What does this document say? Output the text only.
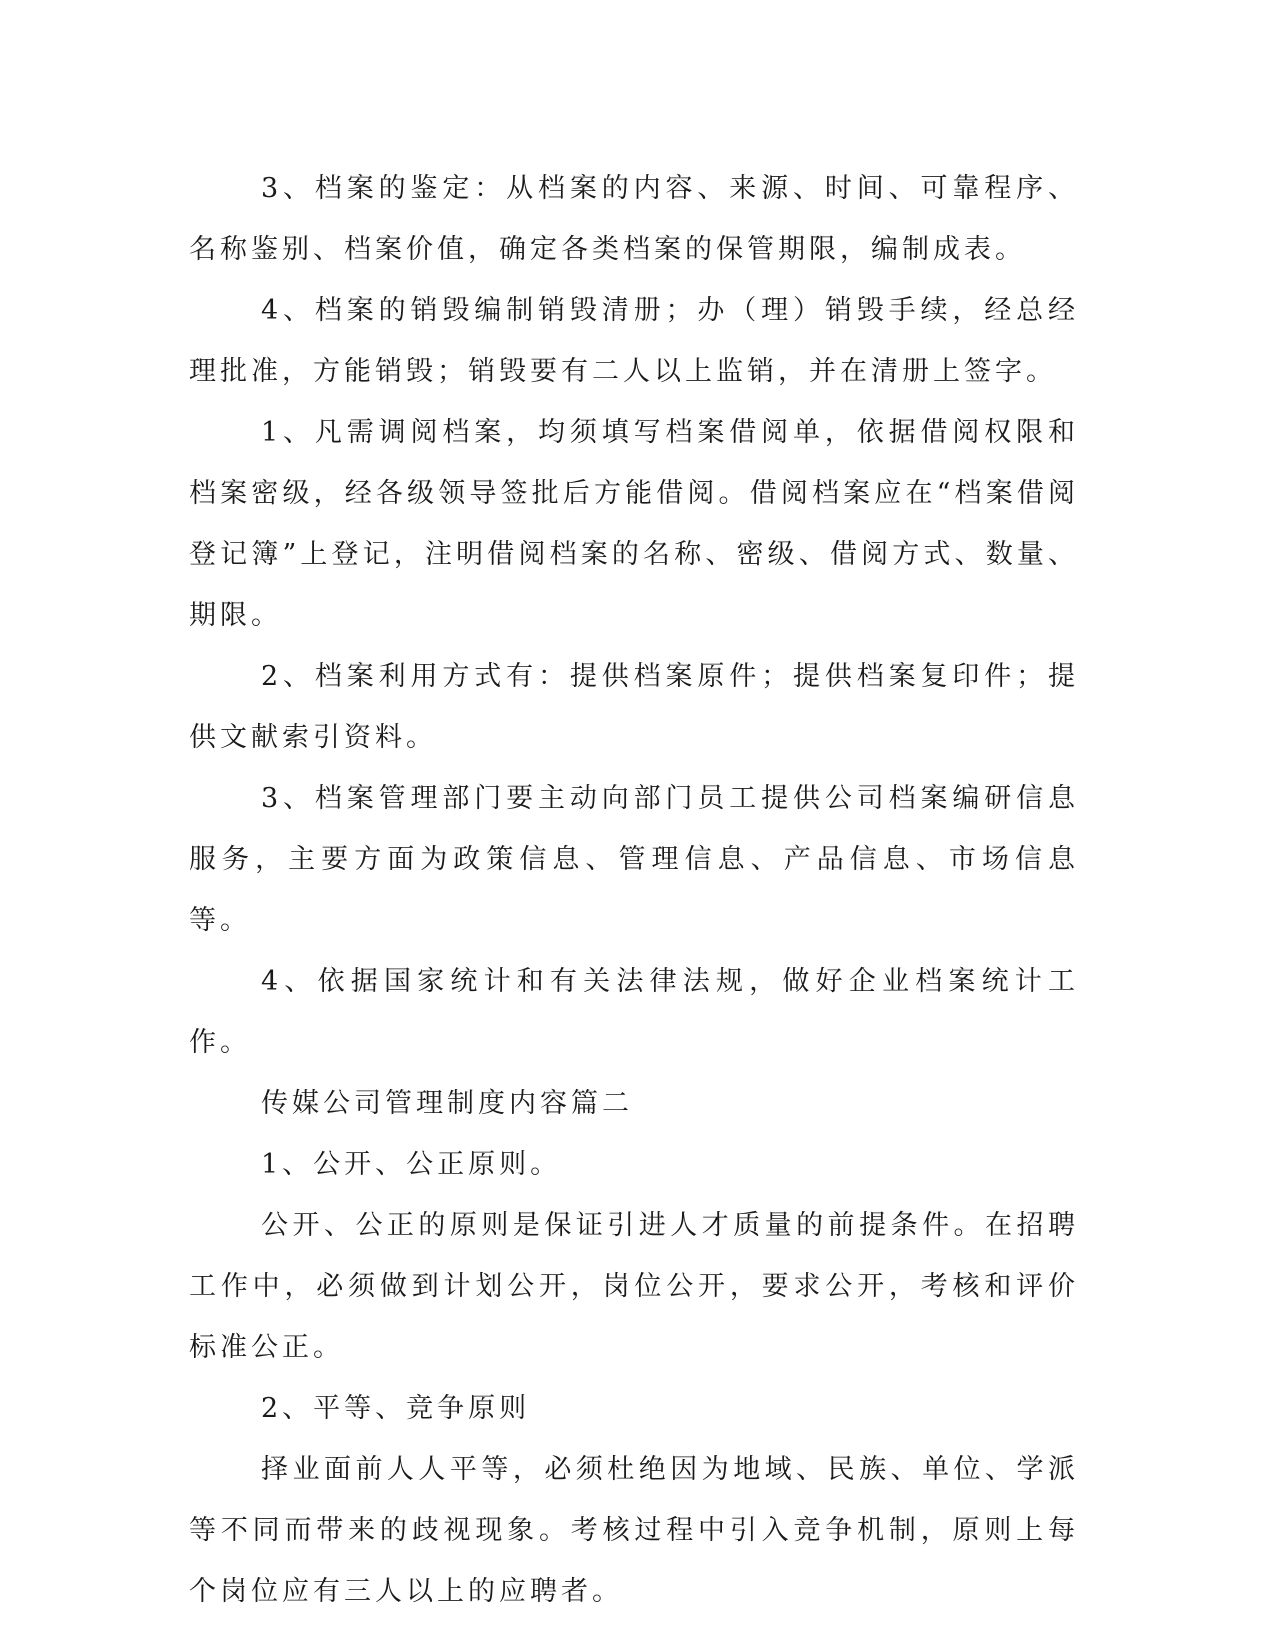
3、档案的鉴定：从档案的内容、来源、时间、可靠程序、名称鉴别、档案价值，确定各类档案的保管期限，编制成表。

4、档案的销毁编制销毁清册；办（理）销毁手续，经总经理批准，方能销毁；销毁要有二人以上监销，并在清册上签字。

1、凡需调阅档案，均须填写档案借阅单，依据借阅权限和档案密级，经各级领导签批后方能借阅。借阅档案应在“档案借阅登记簿”上登记，注明借阅档案的名称、密级、借阅方式、数量、期限。

2、档案利用方式有：提供档案原件；提供档案复印件；提供文献索引资料。

3、档案管理部门要主动向部门员工提供公司档案编研信息服务，主要方面为政策信息、管理信息、产品信息、市场信息等。

4、依据国家统计和有关法律法规，做好企业档案统计工作。

传媒公司管理制度内容篇二

1、公开、公正原则。

公开、公正的原则是保证引进人才质量的前提条件。在招聘工作中，必须做到计划公开，岗位公开，要求公开，考核和评价标准公正。

2、平等、竞争原则

择业面前人人平等，必须杜绝因为地域、民族、单位、学派等不同而带来的歧视现象。考核过程中引入竞争机制，原则上每个岗位应有三人以上的应聘者。
